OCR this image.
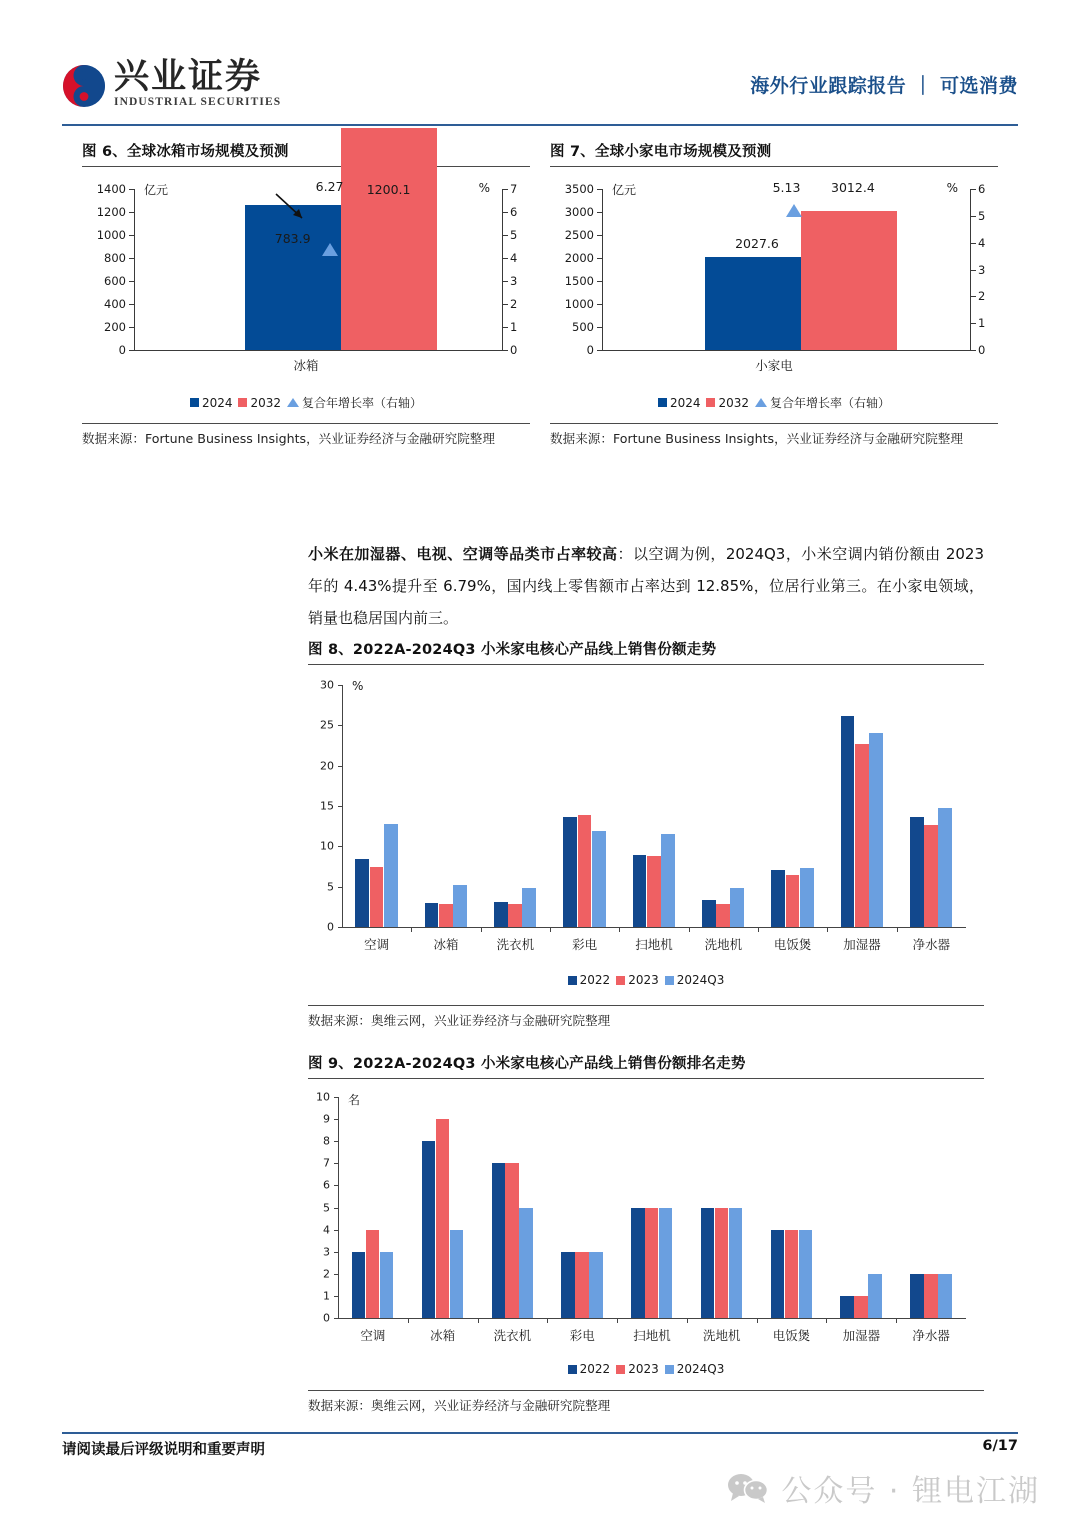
兴业证券
INDUSTRIAL SECURITIES
海外行业跟踪报告 ｜ 可选消费
图 6、全球冰箱市场规模及预测
1400
1200
1000
800
600
400
200
0
亿元	% 7
6
5
4
3
2
1
0
6.27 1200.1
783.9
冰箱
2024 2032 复合年增长率（右轴）
数据来源：Fortune Business Insights，兴业证券经济与金融研究院整理
图 7、全球小家电市场规模及预测
3500
3000
2500
2000
1500
1000
500
0
亿元	% 6
5
4
3
2
1
0
5.13 3012.4
2027.6
小家电
2024 2032 复合年增长率（右轴）
数据来源：Fortune Business Insights，兴业证券经济与金融研究院整理

小米在加湿器、电视、空调等品类市占率较高：以空调为例，2024Q3，小米空调内销份额由 2023 年的 4.43%提升至 6.79%，国内线上零售额市占率达到 12.85%，位居行业第三。在小家电领域，销量也稳居国内前三。

图 8、2022A-2024Q3 小米家电核心产品线上销售份额走势
0
5
10
15
20
25
30 %
空调	冰箱	洗衣机	彩电	扫地机	洗地机	电饭煲	加湿器	净水器
2022 2023 2024Q3
数据来源：奥维云网，兴业证券经济与金融研究院整理
图 9、2022A-2024Q3 小米家电核心产品线上销售份额排名走势
0
1
2
3
4
5
6
7
8
9
10 名
空调	冰箱	洗衣机	彩电	扫地机	洗地机	电饭煲	加湿器	净水器
2022 2023 2024Q3
数据来源：奥维云网，兴业证券经济与金融研究院整理
请阅读最后评级说明和重要声明	6/17
公众号 · 锂电江湖
